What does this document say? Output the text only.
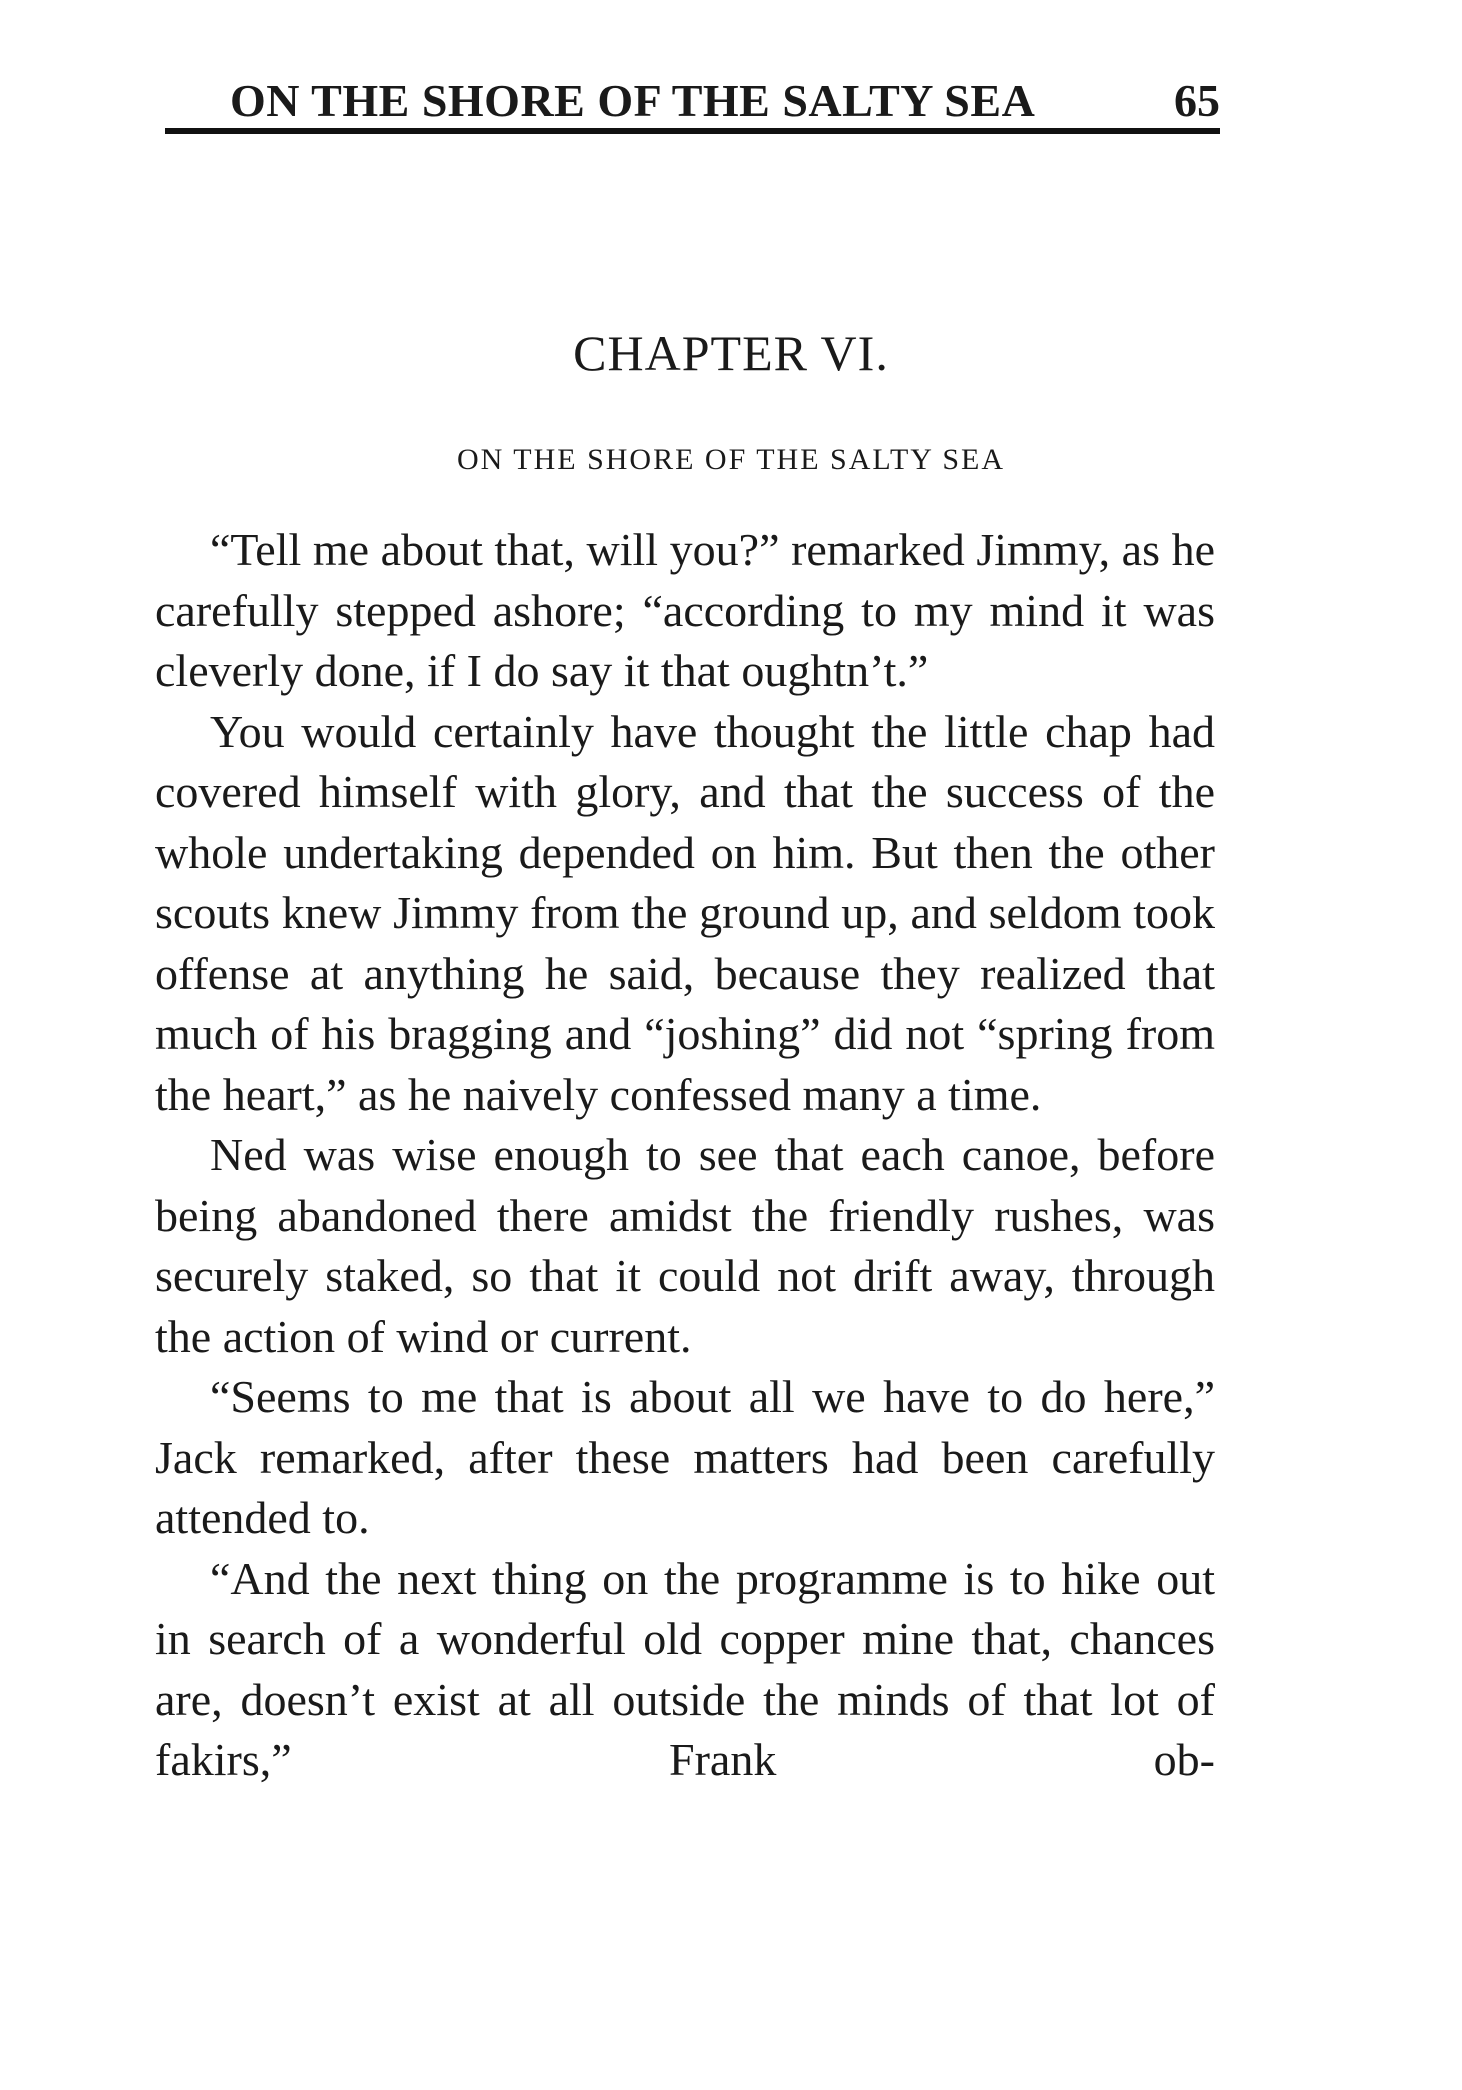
ON THE SHORE OF THE SALTY SEA	65
CHAPTER VI.
ON THE SHORE OF THE SALTY SEA

“Tell me about that, will you?” remarked Jimmy, as he carefully stepped ashore; “according to my mind it was cleverly done, if I do say it that oughtn’t.”

You would certainly have thought the little chap had covered himself with glory, and that the success of the whole undertaking depended on him. But then the other scouts knew Jimmy from the ground up, and seldom took offense at anything he said, because they realized that much of his bragging and “joshing” did not “spring from the heart,” as he naively confessed many a time.

Ned was wise enough to see that each canoe, before being abandoned there amidst the friendly rushes, was securely staked, so that it could not drift away, through the action of wind or current.

“Seems to me that is about all we have to do here,” Jack remarked, after these matters had been carefully attended to.

“And the next thing on the programme is to hike out in search of a wonderful old copper mine that, chances are, doesn’t exist at all outside the minds of that lot of fakirs,” Frank ob-
